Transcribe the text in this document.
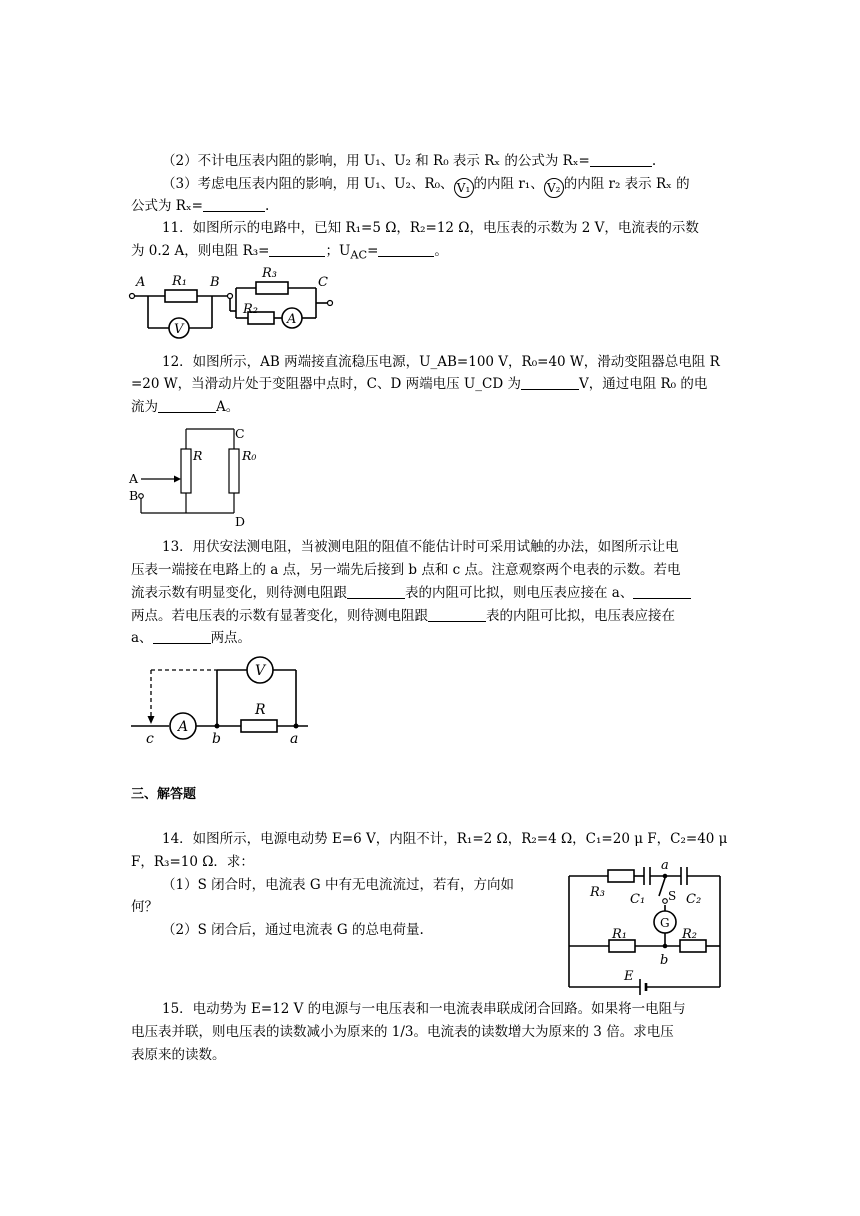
（2）不计电压表内阻的影响，用 U₁、U₂ 和 R₀ 表示 Rₓ 的公式为 Rₓ=	.
（3）考虑电压表内阻的影响，用 U₁、U₂、R₀、 V₁ 的内阻 r₁、 V₂ 的内阻 r₂ 表示 Rₓ 的
公式为 Rₓ=	.
11．如图所示的电路中，已知 R₁=5 Ω，R₂=12 Ω，电压表的示数为 2 V，电流表的示数
为 0.2 A，则电阻 R₃=	；$U_{AC}=$	。
A	B	C
R₁
R₃
R₂
V
A
12．如图所示，AB 两端接直流稳压电源，U_AB=100 V，R₀=40 W，滑动变阻器总电阻 R
=20 W，当滑动片处于变阻器中点时，C、D 两端电压 U_CD 为	V，通过电阻 R₀ 的电
流为	A。
C
D
A
B
R	R₀
13．用伏安法测电阻，当被测电阻的阻值不能估计时可采用试触的办法，如图所示让电
压表一端接在电路上的 a 点，另一端先后接到 b 点和 c 点。注意观察两个电表的示数。若电
流表示数有明显变化，则待测电阻跟	表的内阻可比拟，则电压表应接在 a、
两点。若电压表的示数有显著变化，则待测电阻跟	表的内阻可比拟，电压表应接在
a、	两点。
V
A
R
a
b
c
三、解答题
14．如图所示，电源电动势 E=6 V，内阻不计，R₁=2 Ω，R₂=4 Ω，C₁=20 μ F，C₂=40 μ
F，R₃=10 Ω．求：
（1）S 闭合时，电流表 G 中有无电流流过，若有，方向如
何？
（2）S 闭合后，通过电流表 G 的总电荷量.
a
b
S
G
R₃ C₁	C₂
R₁	R₂
E
15．电动势为 E=12 V 的电源与一电压表和一电流表串联成闭合回路。如果将一电阻与
电压表并联，则电压表的读数减小为原来的 1/3。电流表的读数增大为原来的 3 倍。求电压
表原来的读数。
